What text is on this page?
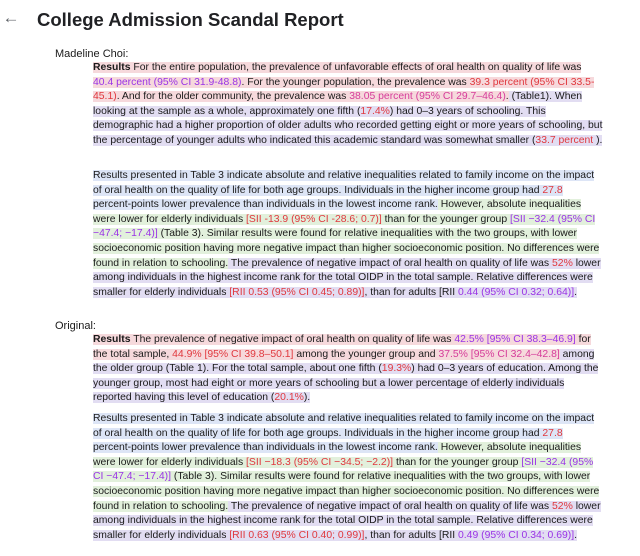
← College Admission Scandal Report
Madeline Choi:

Results For the entire population, the prevalence of unfavorable effects of oral health on quality of life was 40.4 percent (95% CI 31.9-48.8). For the younger population, the prevalence was 39.3 percent (95% CI 33.5-45.1). And for the older community, the prevalence was 38.05 percent (95% CI 29.7–46.4). (Table1). When looking at the sample as a whole, approximately one fifth (17.4%) had 0–3 years of schooling. This demographic had a higher proportion of older adults who recorded getting eight or more years of schooling, but the percentage of younger adults who indicated this academic standard was somewhat smaller (33.7 percent ).

Results presented in Table 3 indicate absolute and relative inequalities related to family income on the impact of oral health on the quality of life for both age groups. Individuals in the higher income group had 27.8 percent-points lower prevalence than individuals in the lowest income rank. However, absolute inequalities were lower for elderly individuals [SII -13.9 (95% CI -28.6; 0.7)] than for the younger group [SII −32.4 (95% CI −47.4; −17.4)] (Table 3). Similar results were found for relative inequalities with the two groups, with lower socioeconomic position having more negative impact than higher socioeconomic position. No differences were found in relation to schooling. The prevalence of negative impact of oral health on quality of life was 52% lower among individuals in the highest income rank for the total OIDP in the total sample. Relative differences were smaller for elderly individuals [RII 0.53 (95% CI 0.45; 0.89)], than for adults [RII 0.44 (95% CI 0.32; 0.64)].

Original:

Results The prevalence of negative impact of oral health on quality of life was 42.5% [95% CI 38.3–46.9] for the total sample, 44.9% [95% CI 39.8–50.1] among the younger group and 37.5% [95% CI 32.4–42.8] among the older group (Table 1). For the total sample, about one fifth (19.3%) had 0–3 years of education. Among the younger group, most had eight or more years of schooling but a lower percentage of elderly individuals reported having this level of education (20.1%).

Results presented in Table 3 indicate absolute and relative inequalities related to family income on the impact of oral health on the quality of life for both age groups. Individuals in the higher income group had 27.8 percent-points lower prevalence than individuals in the lowest income rank. However, absolute inequalities were lower for elderly individuals [SII −18.3 (95% CI −34.5; −2.2)] than for the younger group [SII −32.4 (95% CI −47.4; −17.4)] (Table 3). Similar results were found for relative inequalities with the two groups, with lower socioeconomic position having more negative impact than higher socioeconomic position. No differences were found in relation to schooling. The prevalence of negative impact of oral health on quality of life was 52% lower among individuals in the highest income rank for the total OIDP in the total sample. Relative differences were smaller for elderly individuals [RII 0.63 (95% CI 0.40; 0.99)], than for adults [RII 0.49 (95% CI 0.34; 0.69)].
